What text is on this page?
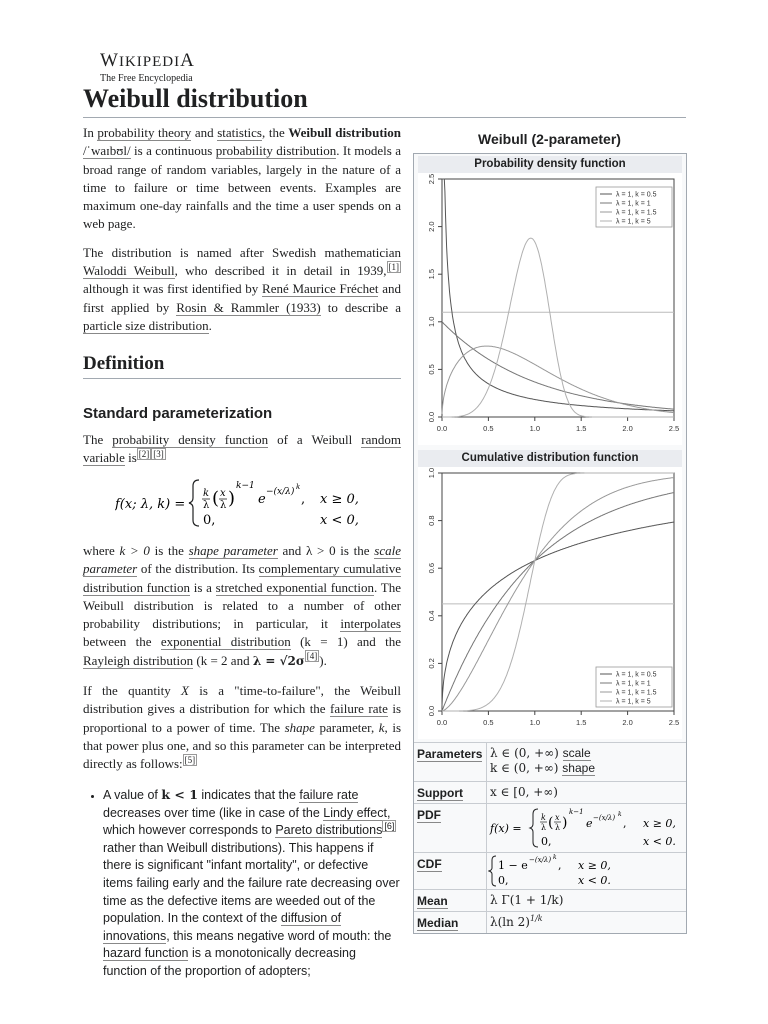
WIKIPEDIA
The Free Encyclopedia
Weibull distribution

In probability theory and statistics, the Weibull distribution /ˈwaɪbʊl/ is a continuous probability distribution. It models a broad range of random variables, largely in the nature of a time to failure or time between events. Examples are maximum one-day rainfalls and the time a user spends on a web page.

The distribution is named after Swedish mathematician Waloddi Weibull, who described it in detail in 1939, [1] although it was first identified by René Maurice Fréchet and first applied by Rosin & Rammler (1933) to describe a particle size distribution.

Definition
Standard parameterization

The probability density function of a Weibull random variable is [2] [3]

f(x; λ, k) =
k
λ ( x
λ )
k−1
e −(x/λ) k
, x ≥ 0,
0,	x < 0,

where k > 0 is the shape parameter and λ > 0 is the scale parameter of the distribution. Its complementary cumulative distribution function is a stretched exponential function. The Weibull distribution is related to a number of other probability distributions; in particular, it interpolates between the exponential distribution (k = 1) and the Rayleigh distribution (k = 2 and λ = √2σ [4] ).

If the quantity X is a "time-to-failure", the Weibull distribution gives a distribution for which the failure rate is proportional to a power of time. The shape parameter, k, is that power plus one, and so this parameter can be interpreted directly as follows: [5]

• A value of k < 1 indicates that the failure rate decreases over time (like in case of the Lindy effect, which however corresponds to Pareto distributions [6] rather than Weibull distributions). This happens if there is significant "infant mortality", or defective items failing early and the failure rate decreasing over time as the defective items are weeded out of the population. In the context of the diffusion of innovations, this means negative word of mouth: the hazard function is a monotonically decreasing function of the proportion of adopters;
Weibull (2-parameter)
Probability density function
0.0	0.5	1.0	1.5	2.0	2.5
0.0
0.5
1.0
1.5
2.0
2.5
λ = 1, k = 0.5
λ = 1, k = 1
λ = 1, k = 1.5
λ = 1, k = 5
Cumulative distribution function
0.0	0.5	1.0	1.5	2.0	2.5
0.0
0.2
0.4
0.6
0.8
1.0
λ = 1, k = 0.5
λ = 1, k = 1
λ = 1, k = 1.5
λ = 1, k = 5
Parameters λ ∈ (0, +∞) scale
k ∈ (0, +∞) shape
Support x ∈ [0, +∞)
PDF
f(x) =
k
λ ( x
λ )
k−1
e −(x/λ) k
, x ≥ 0,
0,	x < 0.
CDF	1 − e −(x/λ) k
, x ≥ 0,
0,	x < 0.
Mean	λ Γ(1 + 1/k)
Median	λ(ln 2)$^{1/k}$
